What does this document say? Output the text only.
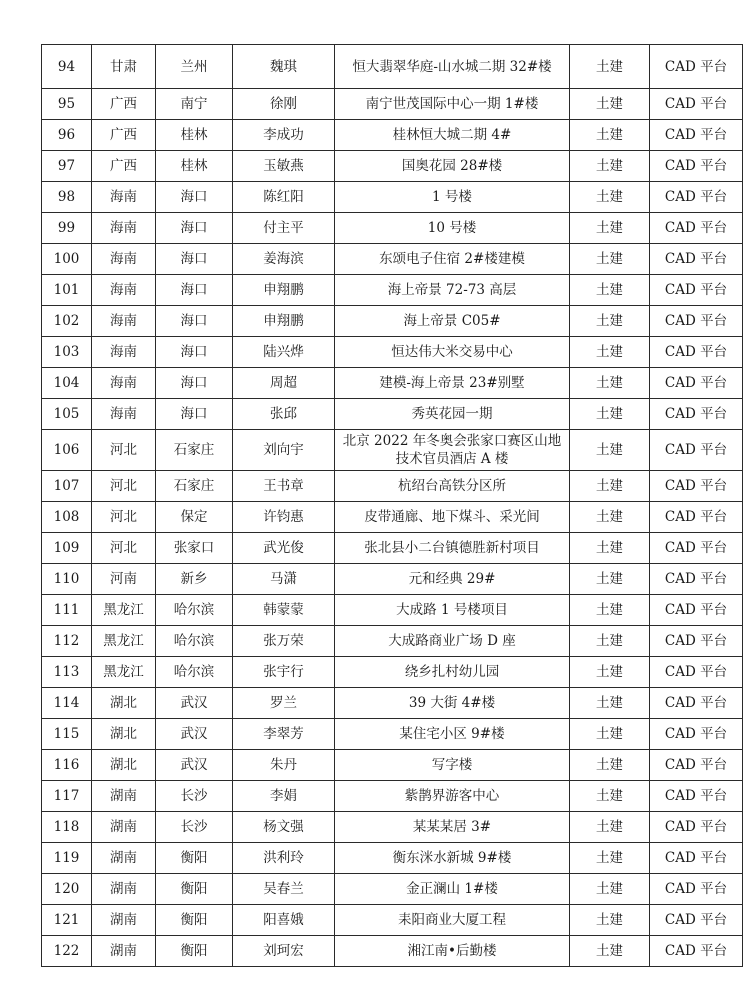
94	甘肃	兰州	魏琪	恒大翡翠华庭-山水城二期 32#楼	土建	CAD 平台
95	广西	南宁	徐刚	南宁世茂国际中心一期 1#楼	土建	CAD 平台
96	广西	桂林	李成功	桂林恒大城二期 4#	土建	CAD 平台
97	广西	桂林	玉敏燕	国奥花园 28#楼	土建	CAD 平台
98	海南	海口	陈红阳	1 号楼	土建	CAD 平台
99	海南	海口	付主平	10 号楼	土建	CAD 平台
100	海南	海口	姜海滨	东颂电子住宿 2#楼建模	土建	CAD 平台
101	海南	海口	申翔鹏	海上帝景 72-73 高层	土建	CAD 平台
102	海南	海口	申翔鹏	海上帝景 C05#	土建	CAD 平台
103	海南	海口	陆兴烨	恒达伟大米交易中心	土建	CAD 平台
104	海南	海口	周超	建模-海上帝景 23#别墅	土建	CAD 平台
105	海南	海口	张邱	秀英花园一期	土建	CAD 平台
106	河北	石家庄	刘向宇	北京 2022 年冬奥会张家口赛区山地技术官员酒店 A 楼	土建	CAD 平台
107	河北	石家庄	王书章	杭绍台高铁分区所	土建	CAD 平台
108	河北	保定	许钧惠	皮带通廊、地下煤斗、采光间	土建	CAD 平台
109	河北	张家口	武光俊	张北县小二台镇德胜新村项目	土建	CAD 平台
110	河南	新乡	马潇	元和经典 29#	土建	CAD 平台
111	黑龙江	哈尔滨	韩蒙蒙	大成路 1 号楼项目	土建	CAD 平台
112	黑龙江	哈尔滨	张万荣	大成路商业广场 D 座	土建	CAD 平台
113	黑龙江	哈尔滨	张宇行	绕乡扎村幼儿园	土建	CAD 平台
114	湖北	武汉	罗兰	39 大街 4#楼	土建	CAD 平台
115	湖北	武汉	李翠芳	某住宅小区 9#楼	土建	CAD 平台
116	湖北	武汉	朱丹	写字楼	土建	CAD 平台
117	湖南	长沙	李娟	紫鹊界游客中心	土建	CAD 平台
118	湖南	长沙	杨文强	某某某居 3#	土建	CAD 平台
119	湖南	衡阳	洪利玲	衡东洣水新城 9#楼	土建	CAD 平台
120	湖南	衡阳	吴春兰	金正澜山 1#楼	土建	CAD 平台
121	湖南	衡阳	阳喜娥	耒阳商业大厦工程	土建	CAD 平台
122	湖南	衡阳	刘珂宏	湘江南•后勤楼	土建	CAD 平台
